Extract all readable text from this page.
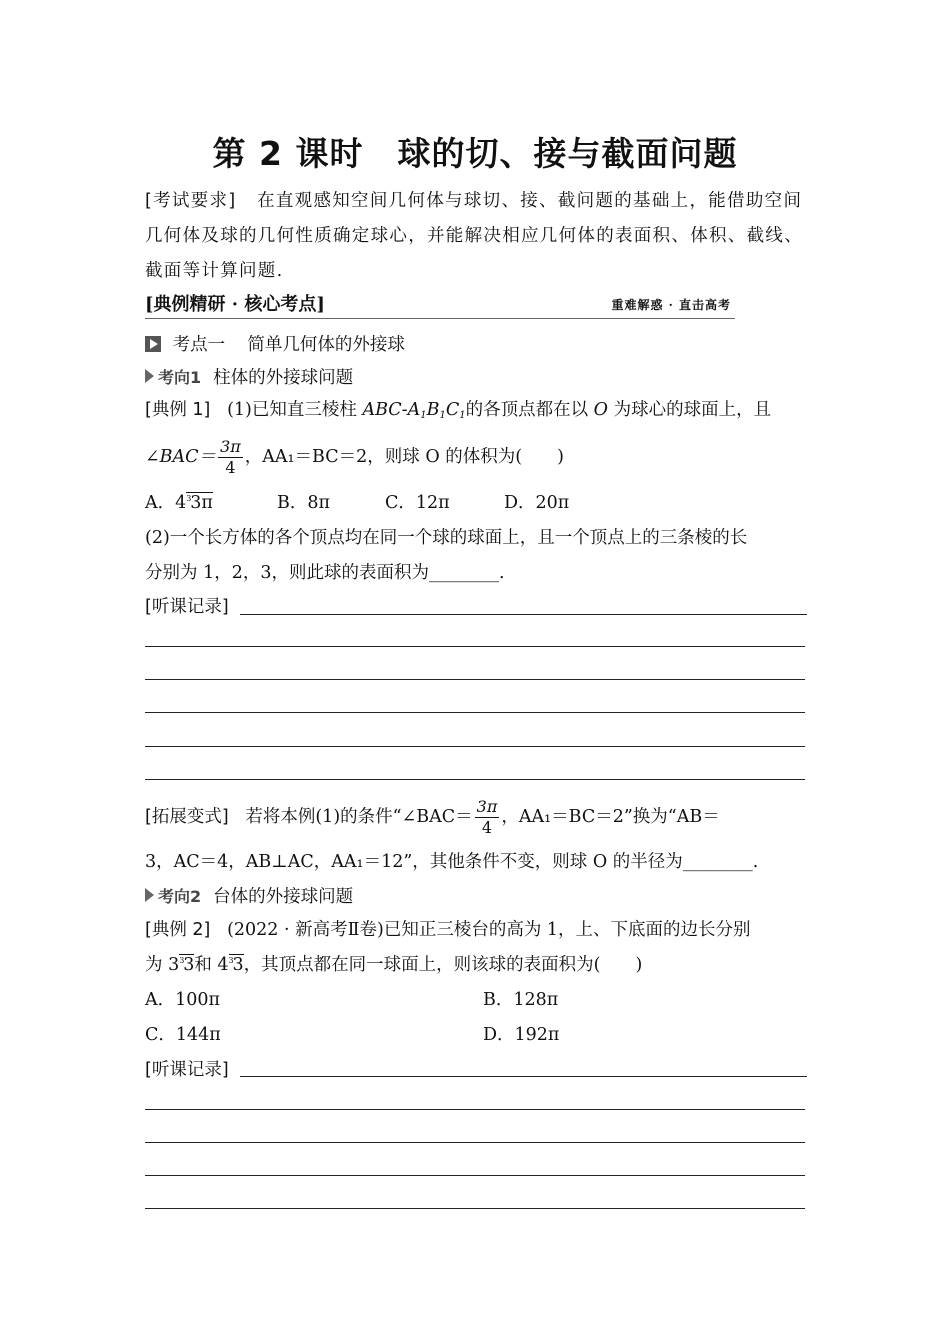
第 2 课时　球的切、接与截面问题
[考试要求] 在直观感知空间几何体与球切、接、截问题的基础上，能借助空间几何体及球的几何性质确定球心，并能解决相应几何体的表面积、体积、截线、截面等计算问题.
[典例精研 · 核心考点]	重难解惑 · 直击高考
考点一 简单几何体的外接球
考向1 柱体的外接球问题
[典例 1] (1)已知直三棱柱 ABC-$A_1B_1C_1$的各顶点都在以 O 为球心的球面上，且
∠BAC＝ $\frac{3\pi}{4}$ ，AA₁＝BC＝2，则球 O 的体积为(　　)
A．4 3
3π	B．8π	C．12π	D．20π
(2)一个长方体的各个顶点均在同一个球的球面上，且一个顶点上的三条棱的长
分别为 1，2，3，则此球的表面积为________.
[听课记录]
[拓展变式] 若将本例(1)的条件“∠BAC＝ $\frac{3\pi}{4}$ ，AA₁＝BC＝2”换为“AB＝
3，AC＝4，AB⊥AC，AA₁＝12”，其他条件不变，则球 O 的半径为________.
考向2 台体的外接球问题
[典例 2] (2022 · 新高考Ⅱ卷)已知正三棱台的高为 1，上、下底面的边长分别
为 3 3
3和 4 3
3，其顶点都在同一球面上，则该球的表面积为(　　)
A．100π	B．128π
C．144π	D．192π
[听课记录]
